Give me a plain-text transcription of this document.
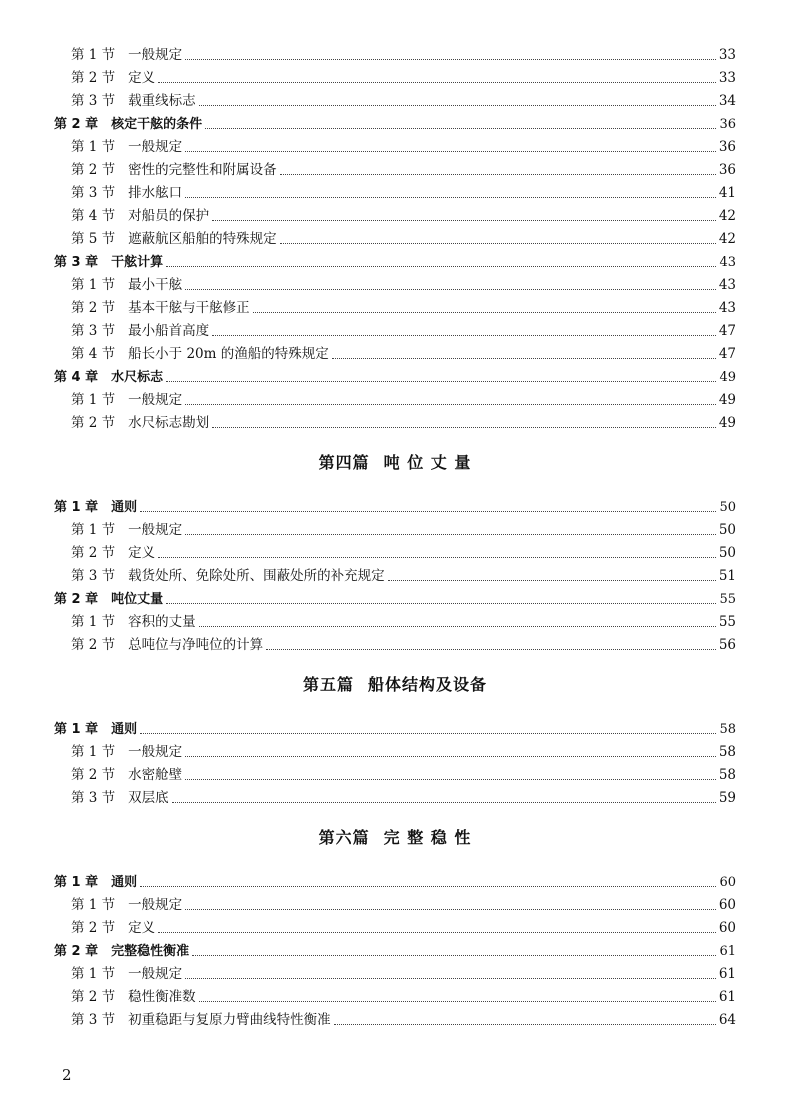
第 1 节 一般规定	33
第 2 节 定义	33
第 3 节 载重线标志	34
第 2 章 核定干舷的条件	36
第 1 节 一般规定	36
第 2 节 密性的完整性和附属设备	36
第 3 节 排水舷口	41
第 4 节 对船员的保护	42
第 5 节 遮蔽航区船舶的特殊规定	42
第 3 章 干舷计算	43
第 1 节 最小干舷	43
第 2 节 基本干舷与干舷修正	43
第 3 节 最小船首高度	47
第 4 节 船长小于 20m 的渔船的特殊规定	47
第 4 章 水尺标志	49
第 1 节 一般规定	49
第 2 节 水尺标志勘划	49
第四篇 吨 位 丈 量
第 1 章 通则	50
第 1 节 一般规定	50
第 2 节 定义	50
第 3 节 载货处所、免除处所、围蔽处所的补充规定	51
第 2 章 吨位丈量	55
第 1 节 容积的丈量	55
第 2 节 总吨位与净吨位的计算	56
第五篇 船体结构及设备
第 1 章 通则	58
第 1 节 一般规定	58
第 2 节 水密舱壁	58
第 3 节 双层底	59
第六篇 完 整 稳 性
第 1 章 通则	60
第 1 节 一般规定	60
第 2 节 定义	60
第 2 章 完整稳性衡准	61
第 1 节 一般规定	61
第 2 节 稳性衡准数	61
第 3 节 初重稳距与复原力臂曲线特性衡准	64
2
